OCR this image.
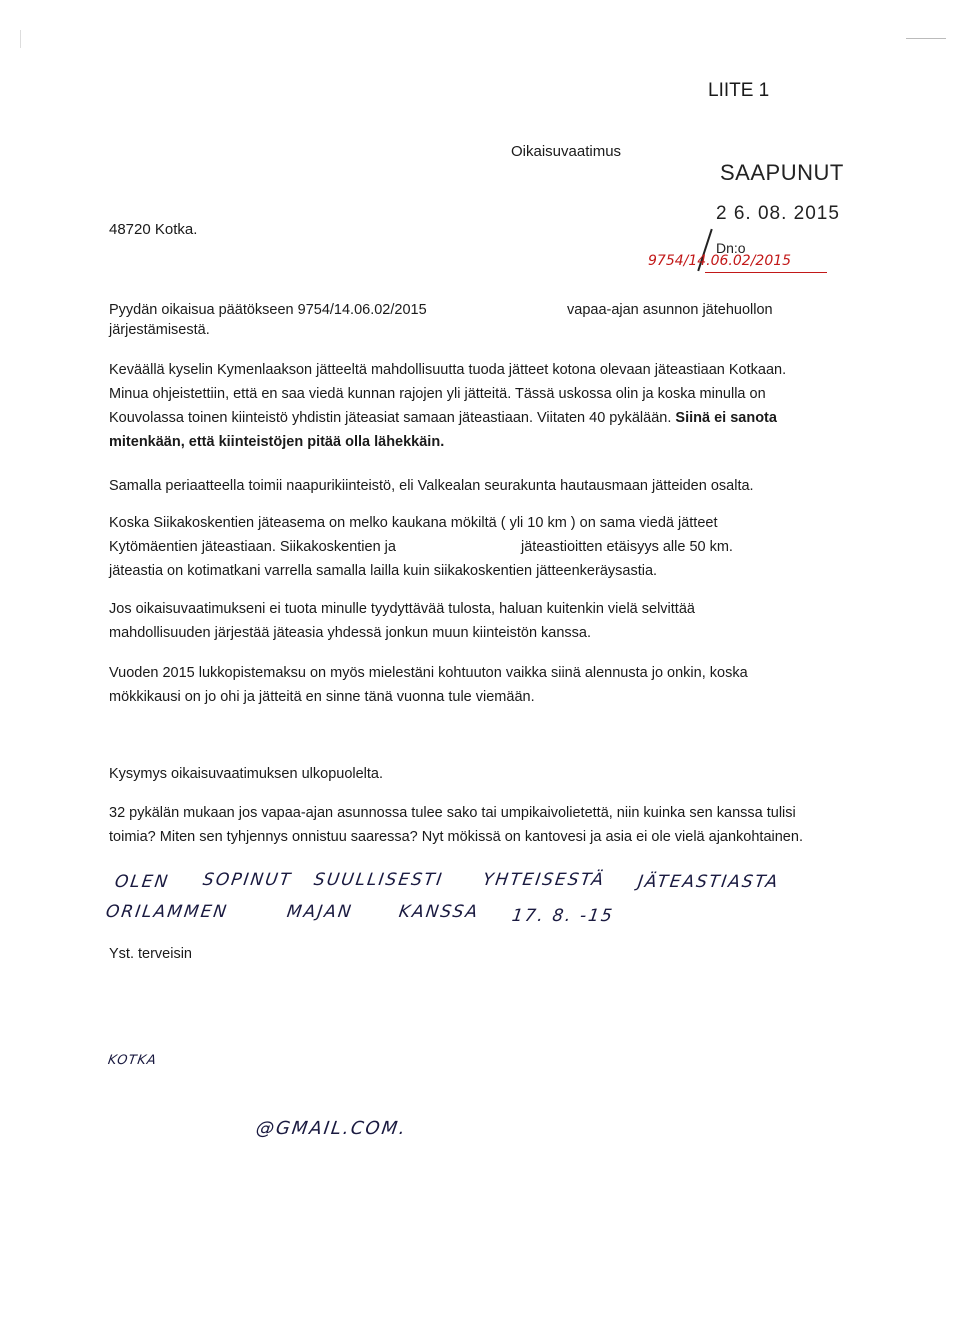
LIITE 1
Oikaisuvaatimus
48720 Kotka.
SAAPUNUT
2 6. 08. 2015
Dn:o
9754/14.06.02/2015
Pyydän oikaisua päätökseen 9754/14.06.02/2015	vapaa-ajan asunnon jätehuollon
järjestämisestä.

Keväällä kyselin Kymenlaakson jätteeltä mahdollisuutta tuoda jätteet kotona olevaan jäteastiaan Kotkaan.

Minua ohjeistettiin, että en saa viedä kunnan rajojen yli jätteitä. Tässä uskossa olin ja koska minulla on

Kouvolassa toinen kiinteistö yhdistin jäteasiat samaan jäteastiaan. Viitaten 40 pykälään. Siinä ei sanota

mitenkään, että kiinteistöjen pitää olla lähekkäin.

Samalla periaatteella toimii naapurikiinteistö, eli Valkealan seurakunta hautausmaan jätteiden osalta.

Koska Siikakoskentien jäteasema on melko kaukana mökiltä ( yli 10 km ) on sama viedä jätteet

Kytömäentien jäteastiaan. Siikakoskentien ja	jäteastioitten etäisyys alle 50 km.

jäteastia on kotimatkani varrella samalla lailla kuin siikakoskentien jätteenkeräysastia.

Jos oikaisuvaatimukseni ei tuota minulle tyydyttävää tulosta, haluan kuitenkin vielä selvittää

mahdollisuuden järjestää jäteasia yhdessä jonkun muun kiinteistön kanssa.

Vuoden 2015 lukkopistemaksu on myös mielestäni kohtuuton vaikka siinä alennusta jo onkin, koska

mökkikausi on jo ohi ja jätteitä en sinne tänä vuonna tule viemään.

Kysymys oikaisuvaatimuksen ulkopuolelta.

32 pykälän mukaan jos vapaa-ajan asunnossa tulee sako tai umpikaivolietettä, niin kuinka sen kanssa tulisi

toimia? Miten sen tyhjennys onnistuu saaressa? Nyt mökissä on kantovesi ja asia ei ole vielä ajankohtainen.

OLEN SOPINUT SUULLISESTI YHTEISESTÄ JÄTEASTIASTA
ORILAMMEN	MAJAN	KANSSA 17. 8. -15
Yst. terveisin
KOTKA
@GMAIL.COM.
